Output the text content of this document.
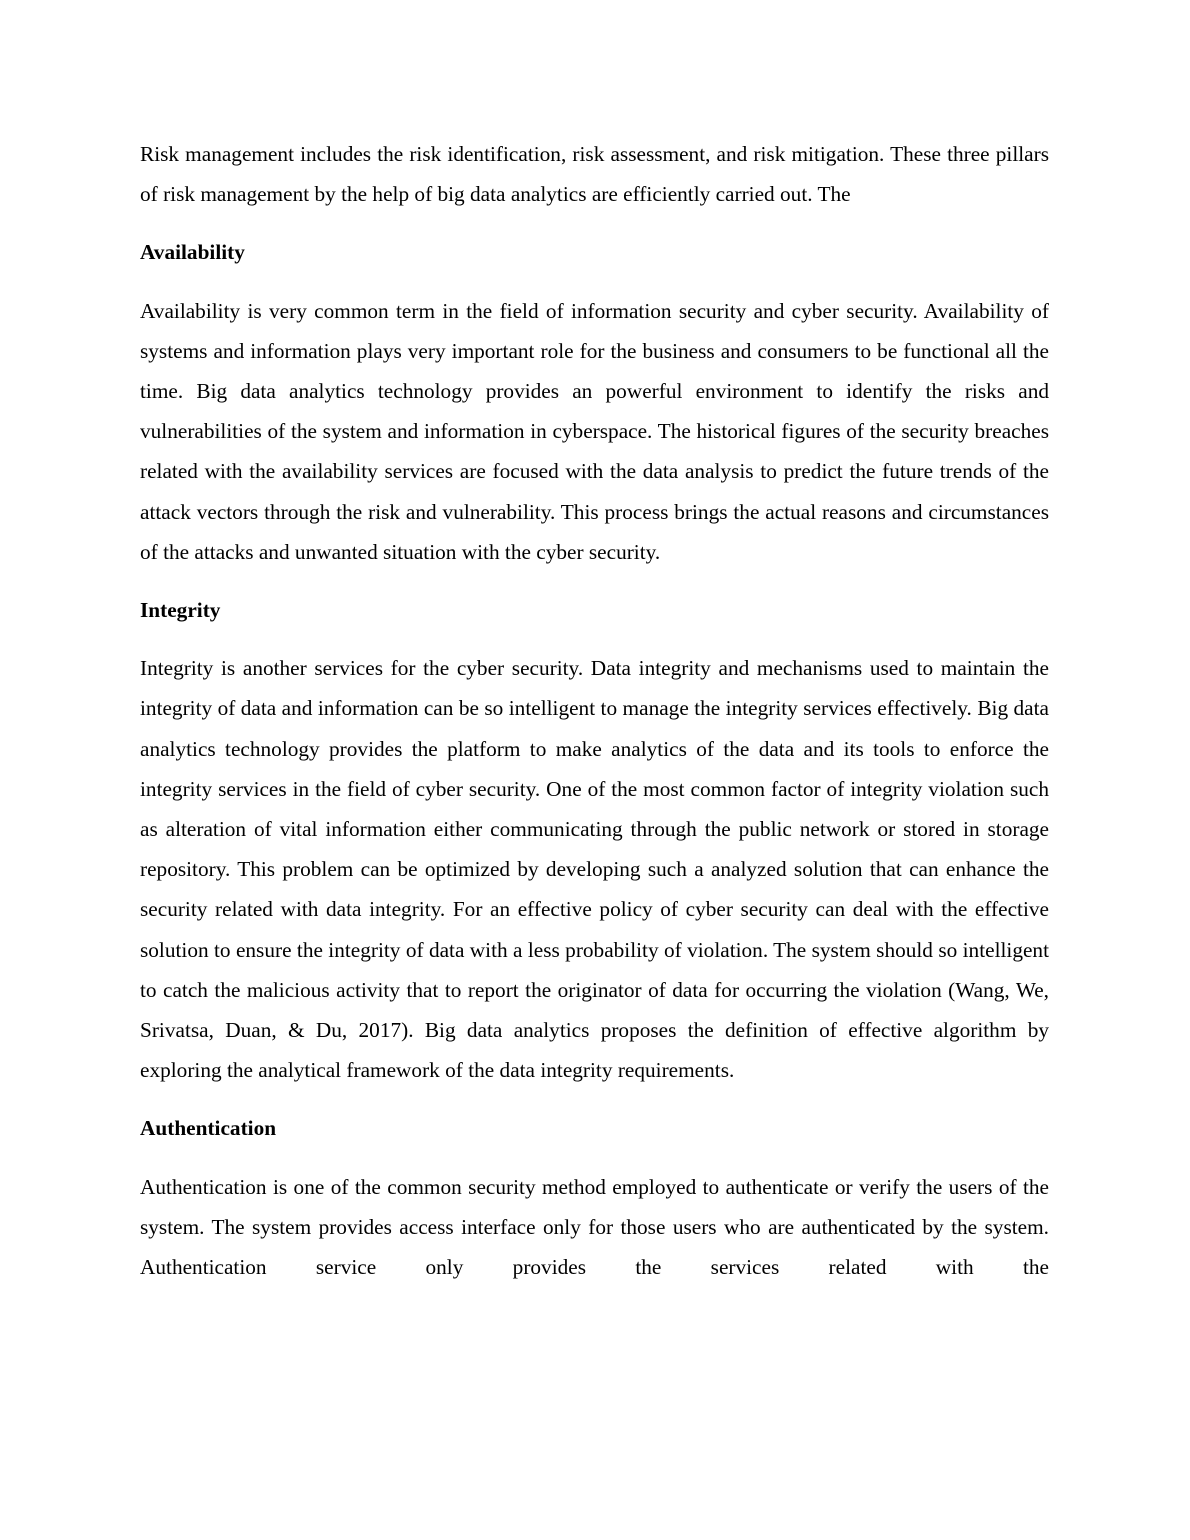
Risk management includes the risk identification, risk assessment, and risk mitigation. These three pillars of risk management by the help of big data analytics are efficiently carried out. The

Availability

Availability is very common term in the field of information security and cyber security. Availability of systems and information plays very important role for the business and consumers to be functional all the time. Big data analytics technology provides an powerful environment to identify the risks and vulnerabilities of the system and information in cyberspace. The historical figures of the security breaches related with the availability services are focused with the data analysis to predict the future trends of the attack vectors through the risk and vulnerability. This process brings the actual reasons and circumstances of the attacks and unwanted situation with the cyber security.

Integrity

Integrity is another services for the cyber security. Data integrity and mechanisms used to maintain the integrity of data and information can be so intelligent to manage the integrity services effectively. Big data analytics technology provides the platform to make analytics of the data and its tools to enforce the integrity services in the field of cyber security. One of the most common factor of integrity violation such as alteration of vital information either communicating through the public network or stored in storage repository. This problem can be optimized by developing such a analyzed solution that can enhance the security related with data integrity. For an effective policy of cyber security can deal with the effective solution to ensure the integrity of data with a less probability of violation. The system should so intelligent to catch the malicious activity that to report the originator of data for occurring the violation (Wang, We, Srivatsa, Duan, & Du, 2017). Big data analytics proposes the definition of effective algorithm by exploring the analytical framework of the data integrity requirements.

Authentication

Authentication is one of the common security method employed to authenticate or verify the users of the system. The system provides access interface only for those users who are authenticated by the system. Authentication service only provides the services related with the
